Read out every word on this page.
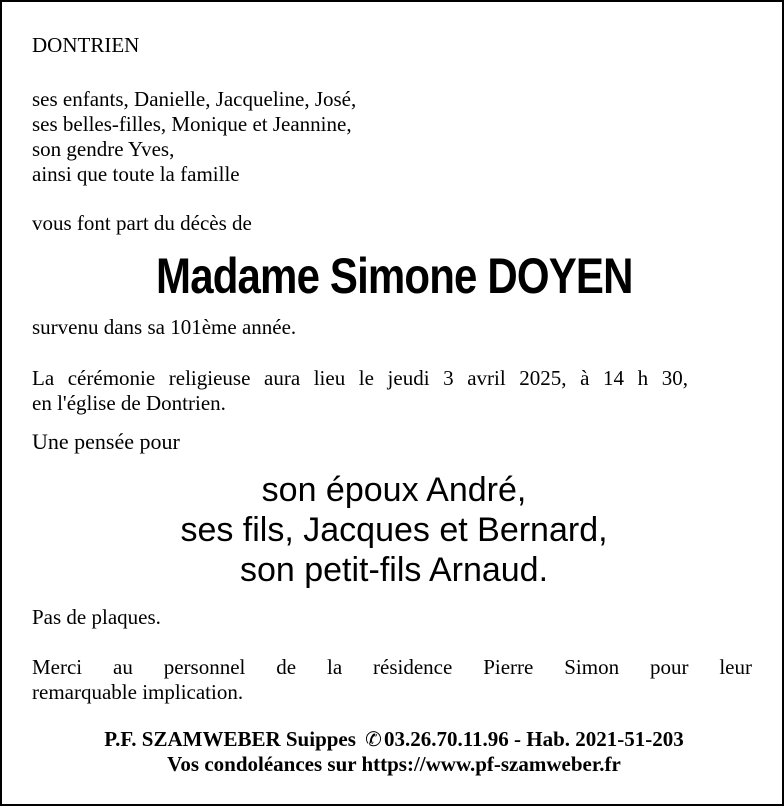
DONTRIEN
ses enfants, Danielle, Jacqueline, José,
ses belles-filles, Monique et Jeannine,
son gendre Yves,
ainsi que toute la famille
vous font part du décès de
Madame Simone DOYEN
survenu dans sa 101ème année.
La cérémonie religieuse aura lieu le jeudi 3 avril 2025, à 14 h 30,
en l'église de Dontrien.
Une pensée pour
son époux André,
ses fils, Jacques et Bernard,
son petit-fils Arnaud.
Pas de plaques.
Merci au personnel de la résidence Pierre Simon pour leur
remarquable implication.
P.F. SZAMWEBER Suippes ✆03.26.70.11.96 - Hab. 2021-51-203
Vos condoléances sur https://www.pf-szamweber.fr
